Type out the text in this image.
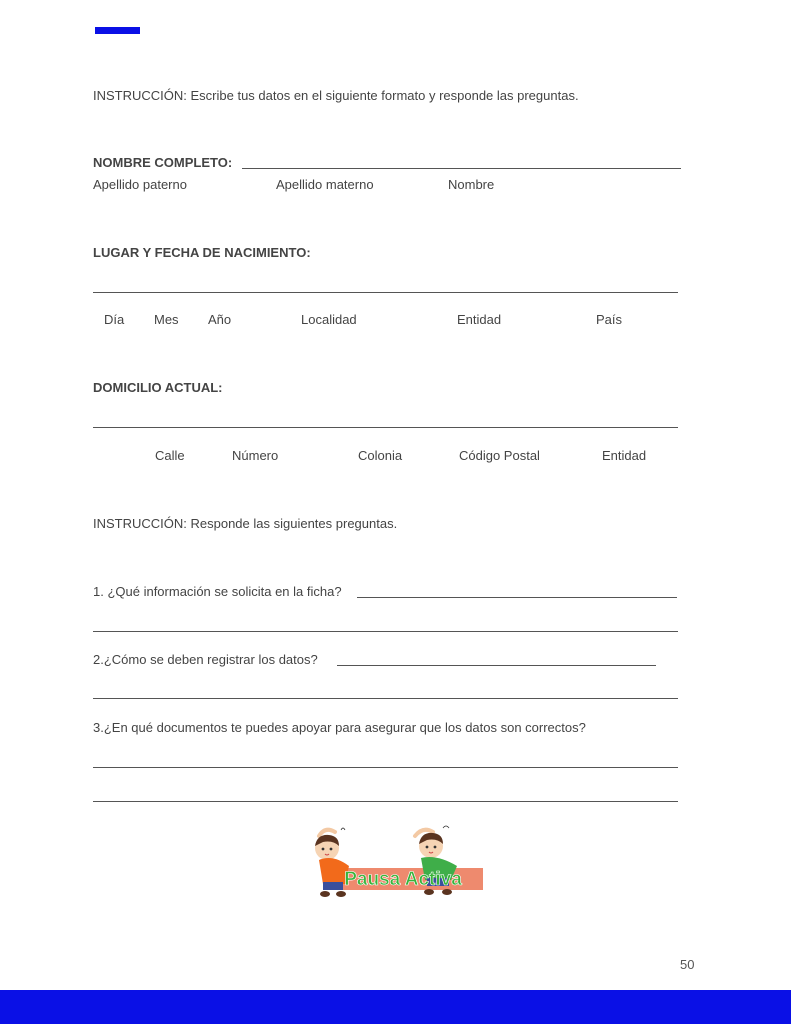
INSTRUCCIÓN: Escribe tus datos en el siguiente formato y responde las preguntas.
NOMBRE COMPLETO:
Apellido paterno	Apellido materno	Nombre
LUGAR Y FECHA DE NACIMIENTO:
Día Mes Año	Localidad	Entidad	País
DOMICILIO ACTUAL:
Calle	Número	Colonia	Código Postal	Entidad
INSTRUCCIÓN: Responde las siguientes preguntas.
1. ¿Qué información se solicita en la ficha?
2.¿Cómo se deben registrar los datos?
3.¿En qué documentos te puedes apoyar para asegurar que los datos son correctos?
Pausa Activa
50
